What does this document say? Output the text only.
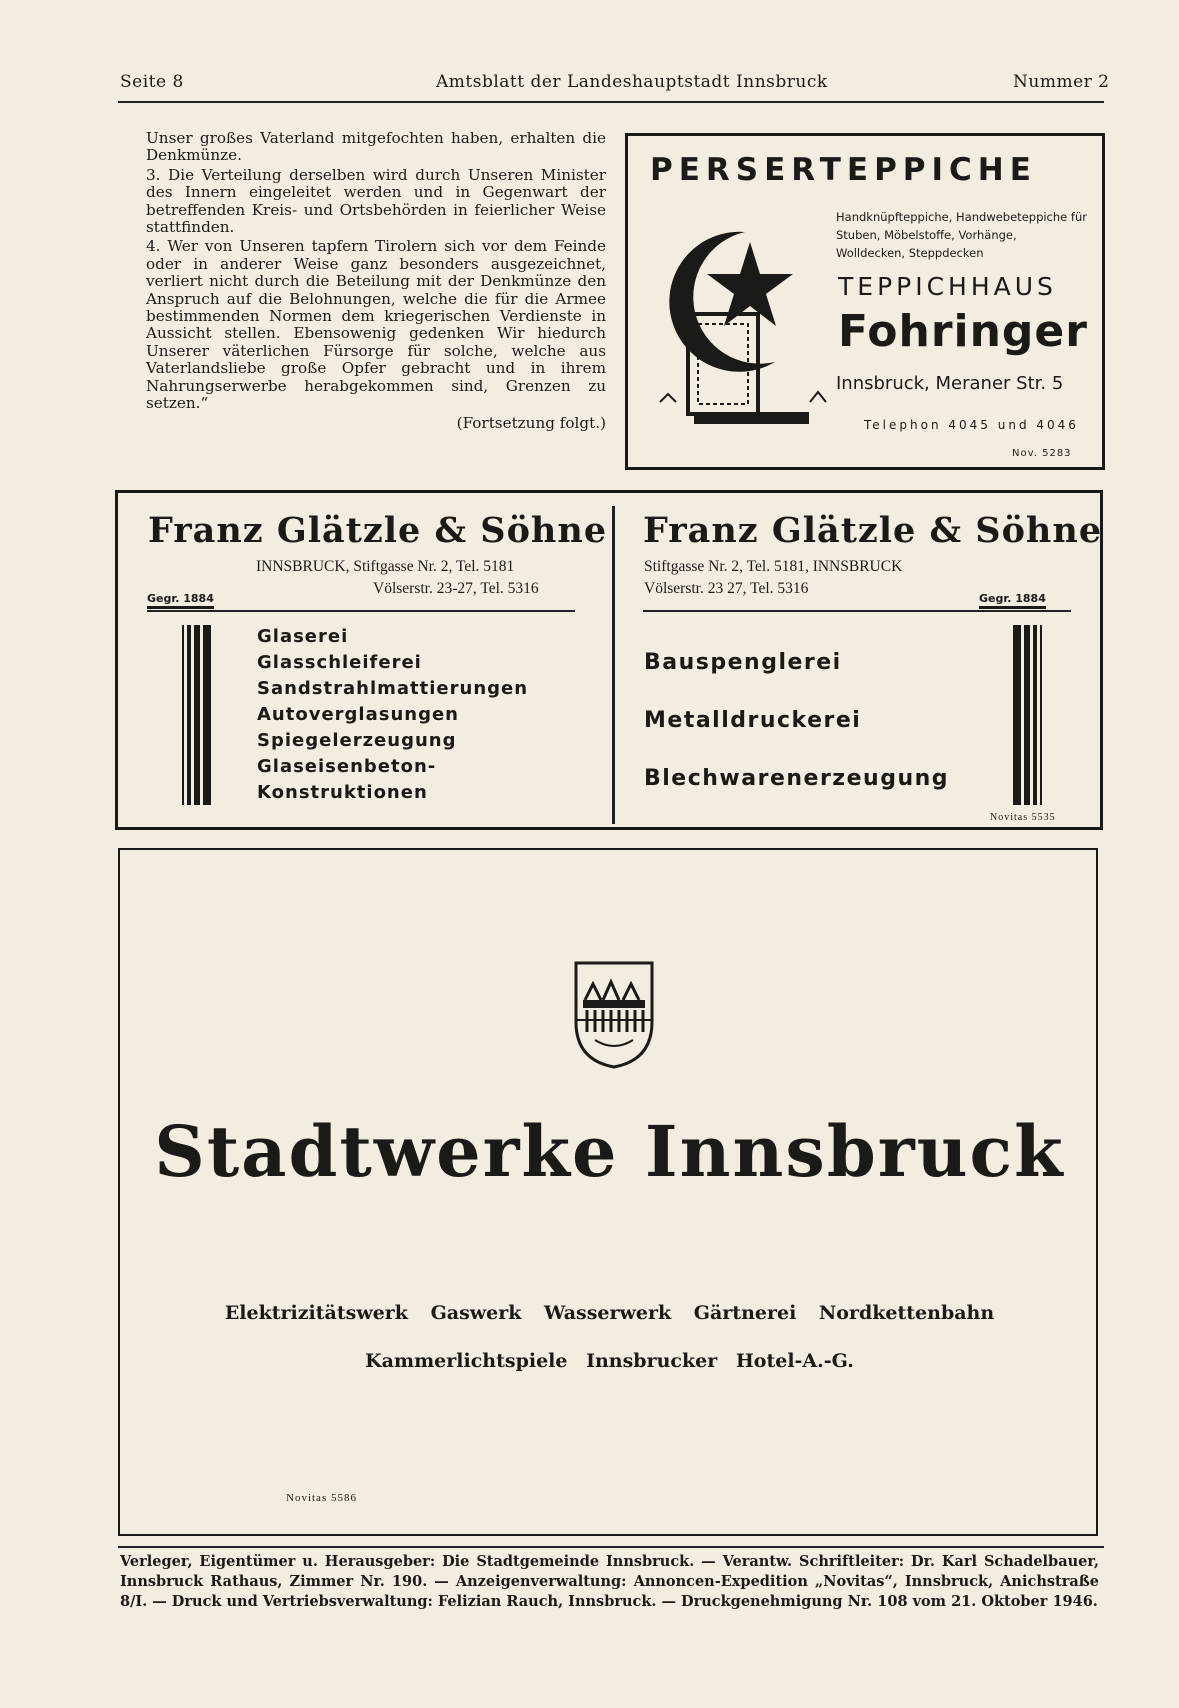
Seite 8	Amtsblatt der Landeshauptstadt Innsbruck	Nummer 2

Unser großes Vaterland mitgefochten haben, erhalten die Denkmünze.

3. Die Verteilung derselben wird durch Unseren Minister des Innern eingeleitet werden und in Gegenwart der betreffenden Kreis- und Ortsbehörden in feierlicher Weise stattfinden.

4. Wer von Unseren tapfern Tirolern sich vor dem Feinde oder in anderer Weise ganz besonders ausgezeichnet, verliert nicht durch die Beteilung mit der Denkmünze den Anspruch auf die Belohnungen, welche die für die Armee bestimmenden Normen dem kriegerischen Verdienste in Aussicht stellen. Ebensowenig gedenken Wir hiedurch Unserer väterlichen Fürsorge für solche, welche aus Vaterlandsliebe große Opfer gebracht und in ihrem Nahrungserwerbe herabgekommen sind, Grenzen zu setzen.“

(Fortsetzung folgt.)
PERSERTEPPICHE
Handknüpfteppiche, Handwebeteppiche für Stuben, Möbelstoffe, Vorhänge, Wolldecken, Steppdecken
TEPPICHHAUS
Fohringer
Innsbruck, Meraner Str. 5
Telephon 4045 und 4046
Nov. 5283
Franz Glätzle & Söhne
INNSBRUCK, Stiftgasse Nr. 2, Tel. 5181
Völserstr. 23-27, Tel. 5316
Gegr. 1884
Glaserei
Glasschleiferei
Sandstrahlmattierungen
Autoverglasungen
Spiegelerzeugung
Glaseisenbeton-
Konstruktionen
Franz Glätzle & Söhne
Stiftgasse Nr. 2, Tel. 5181, INNSBRUCK
Völserstr. 23 27, Tel. 5316
Gegr. 1884
Bauspenglerei
Metalldruckerei
Blechwarenerzeugung
Novitas 5535
Stadtwerke Innsbruck
Elektrizitätswerk Gaswerk Wasserwerk Gärtnerei Nordkettenbahn
Kammerlichtspiele Innsbrucker Hotel-A.-G.
Novitas 5586
Verleger, Eigentümer u. Herausgeber: Die Stadtgemeinde Innsbruck. — Verantw. Schriftleiter: Dr. Karl Schadelbauer, Innsbruck Rathaus, Zimmer Nr. 190. — Anzeigenverwaltung: Annoncen-Expedition „Novitas“, Innsbruck, Anichstraße 8/I. — Druck und Vertriebsverwaltung: Felizian Rauch, Innsbruck. — Druckgenehmigung Nr. 108 vom 21. Oktober 1946.
